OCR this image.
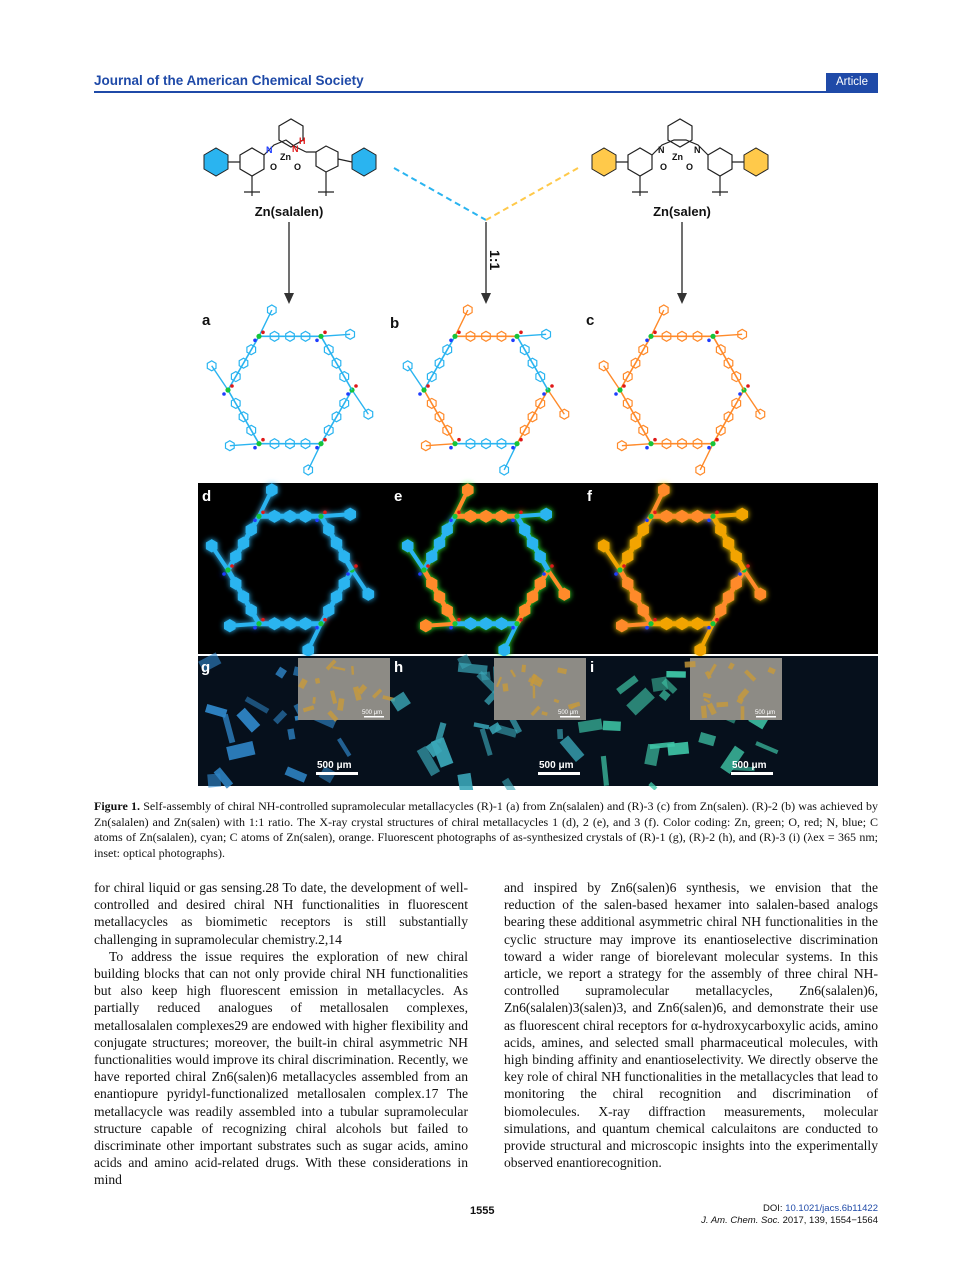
Journal of the American Chemical Society	Article
N N
H
Zn
O O
Zn(salalen)
N	N
Zn
O O
Zn(salen)
1:1
a	b	c
d	e	f
g	h	i
500 μm	500 μm	500 μm
500 μm	500 μm	500 μm
Figure 1. Self-assembly of chiral NH-controlled supramolecular metallacycles (R)-1 (a) from Zn(salalen) and (R)-3 (c) from Zn(salen). (R)-2 (b) was achieved by Zn(salalen) and Zn(salen) with 1:1 ratio. The X-ray crystal structures of chiral metallacycles 1 (d), 2 (e), and 3 (f). Color coding: Zn, green; O, red; N, blue; C atoms of Zn(salalen), cyan; C atoms of Zn(salen), orange. Fluorescent photographs of as-synthesized crystals of (R)-1 (g), (R)-2 (h), and (R)-3 (i) (λex = 365 nm; inset: optical photographs).

for chiral liquid or gas sensing.28 To date, the development of well-controlled and desired chiral NH functionalities in fluorescent metallacycles as biomimetic receptors is still substantially challenging in supramolecular chemistry.2,14

To address the issue requires the exploration of new chiral building blocks that can not only provide chiral NH functionalities but also keep high fluorescent emission in metallacycles. As partially reduced analogues of metallosalen complexes, metallosalalen complexes29 are endowed with higher flexibility and conjugate structures; moreover, the built-in chiral asymmetric NH functionalities would improve its chiral discrimination. Recently, we have reported chiral Zn6(salen)6 metallacycles assembled from an enantiopure pyridyl-functionalized metallosalen complex.17 The metallacycle was readily assembled into a tubular supramolecular structure capable of recognizing chiral alcohols but failed to discriminate other important substrates such as sugar acids, amino acids and amino acid-related drugs. With these considerations in mind

and inspired by Zn6(salen)6 synthesis, we envision that the reduction of the salen-based hexamer into salalen-based analogs bearing these additional asymmetric chiral NH functionalities in the cyclic structure may improve its enantioselective discrimination toward a wider range of biorelevant molecular systems. In this article, we report a strategy for the assembly of three chiral NH-controlled supramolecular metallacycles, Zn6(salalen)6, Zn6(salalen)3(salen)3, and Zn6(salen)6, and demonstrate their use as fluorescent chiral receptors for α-hydroxycarboxylic acids, amino acids, amines, and selected small pharmaceutical molecules, with high binding affinity and enantioselectivity. We directly observe the key role of chiral NH functionalities in the metallacycles that lead to monitoring the chiral recognition and discrimination of biomolecules. X-ray diffraction measurements, molecular simulations, and quantum chemical calculaitons are conducted to provide structural and microscopic insights into the experimentally observed enantiorecognition.

1555	DOI: 10.1021/jacs.6b11422
J. Am. Chem. Soc. 2017, 139, 1554−1564
